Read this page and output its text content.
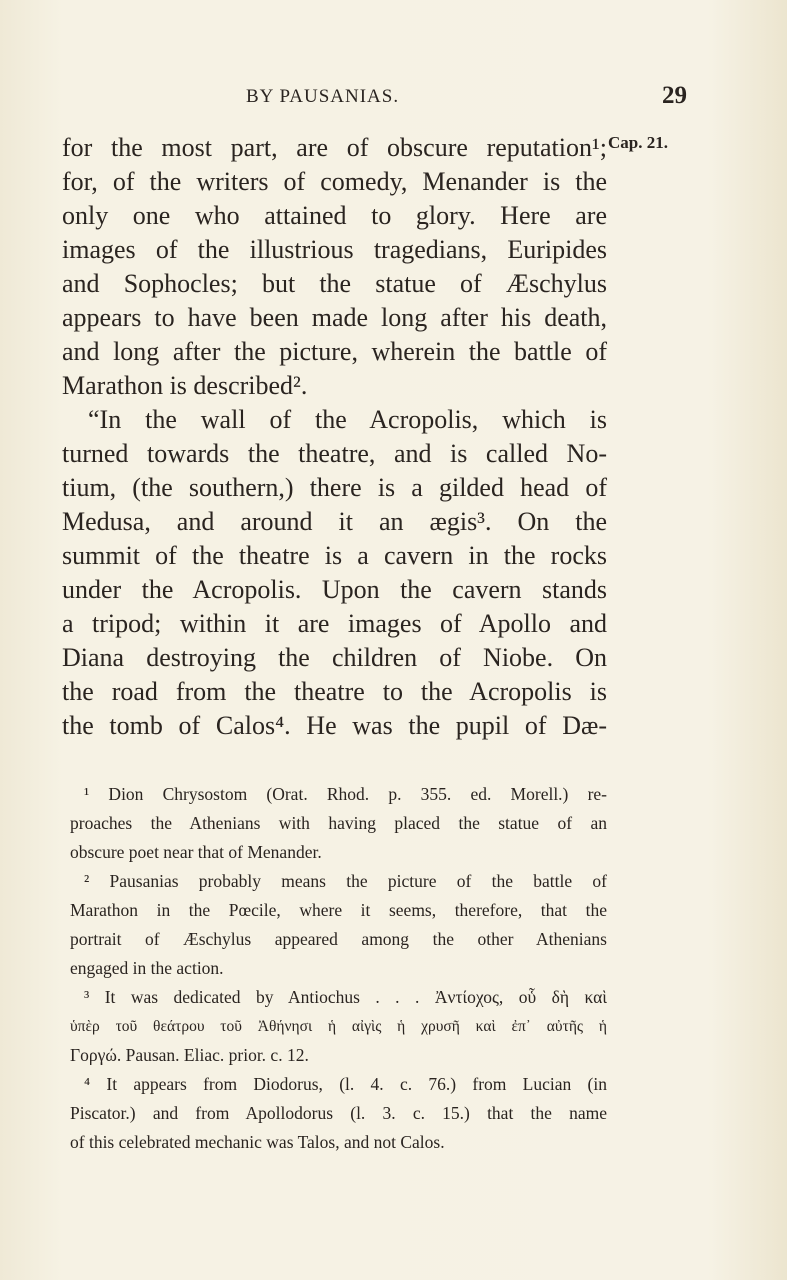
BY PAUSANIAS.	29
Cap. 21.
for the most part, are of obscure reputation¹;
for, of the writers of comedy, Menander is the
only one who attained to glory. Here are
images of the illustrious tragedians, Euripides
and Sophocles; but the statue of Æschylus
appears to have been made long after his death,
and long after the picture, wherein the battle of
Marathon is described².
“In the wall of the Acropolis, which is
turned towards the theatre, and is called No-
tium, (the southern,) there is a gilded head of
Medusa, and around it an ægis³. On the
summit of the theatre is a cavern in the rocks
under the Acropolis. Upon the cavern stands
a tripod; within it are images of Apollo and
Diana destroying the children of Niobe. On
the road from the theatre to the Acropolis is
the tomb of Calos⁴. He was the pupil of Dæ-
¹ Dion Chrysostom (Orat. Rhod. p. 355. ed. Morell.) re-
proaches the Athenians with having placed the statue of an
obscure poet near that of Menander.
² Pausanias probably means the picture of the battle of
Marathon in the Pœcile, where it seems, therefore, that the
portrait of Æschylus appeared among the other Athenians
engaged in the action.
³ It was dedicated by Antiochus . . . Ἀντίοχος, οὗ δὴ καὶ
ὑπὲρ τοῦ θεάτρου τοῦ Ἀθήνησι ἡ αἰγὶς ἡ χρυσῆ καὶ ἐπ᾽ αὐτῆς ἡ
Γοργώ. Pausan. Eliac. prior. c. 12.
⁴ It appears from Diodorus, (l. 4. c. 76.) from Lucian (in
Piscator.) and from Apollodorus (l. 3. c. 15.) that the name
of this celebrated mechanic was Talos, and not Calos.
